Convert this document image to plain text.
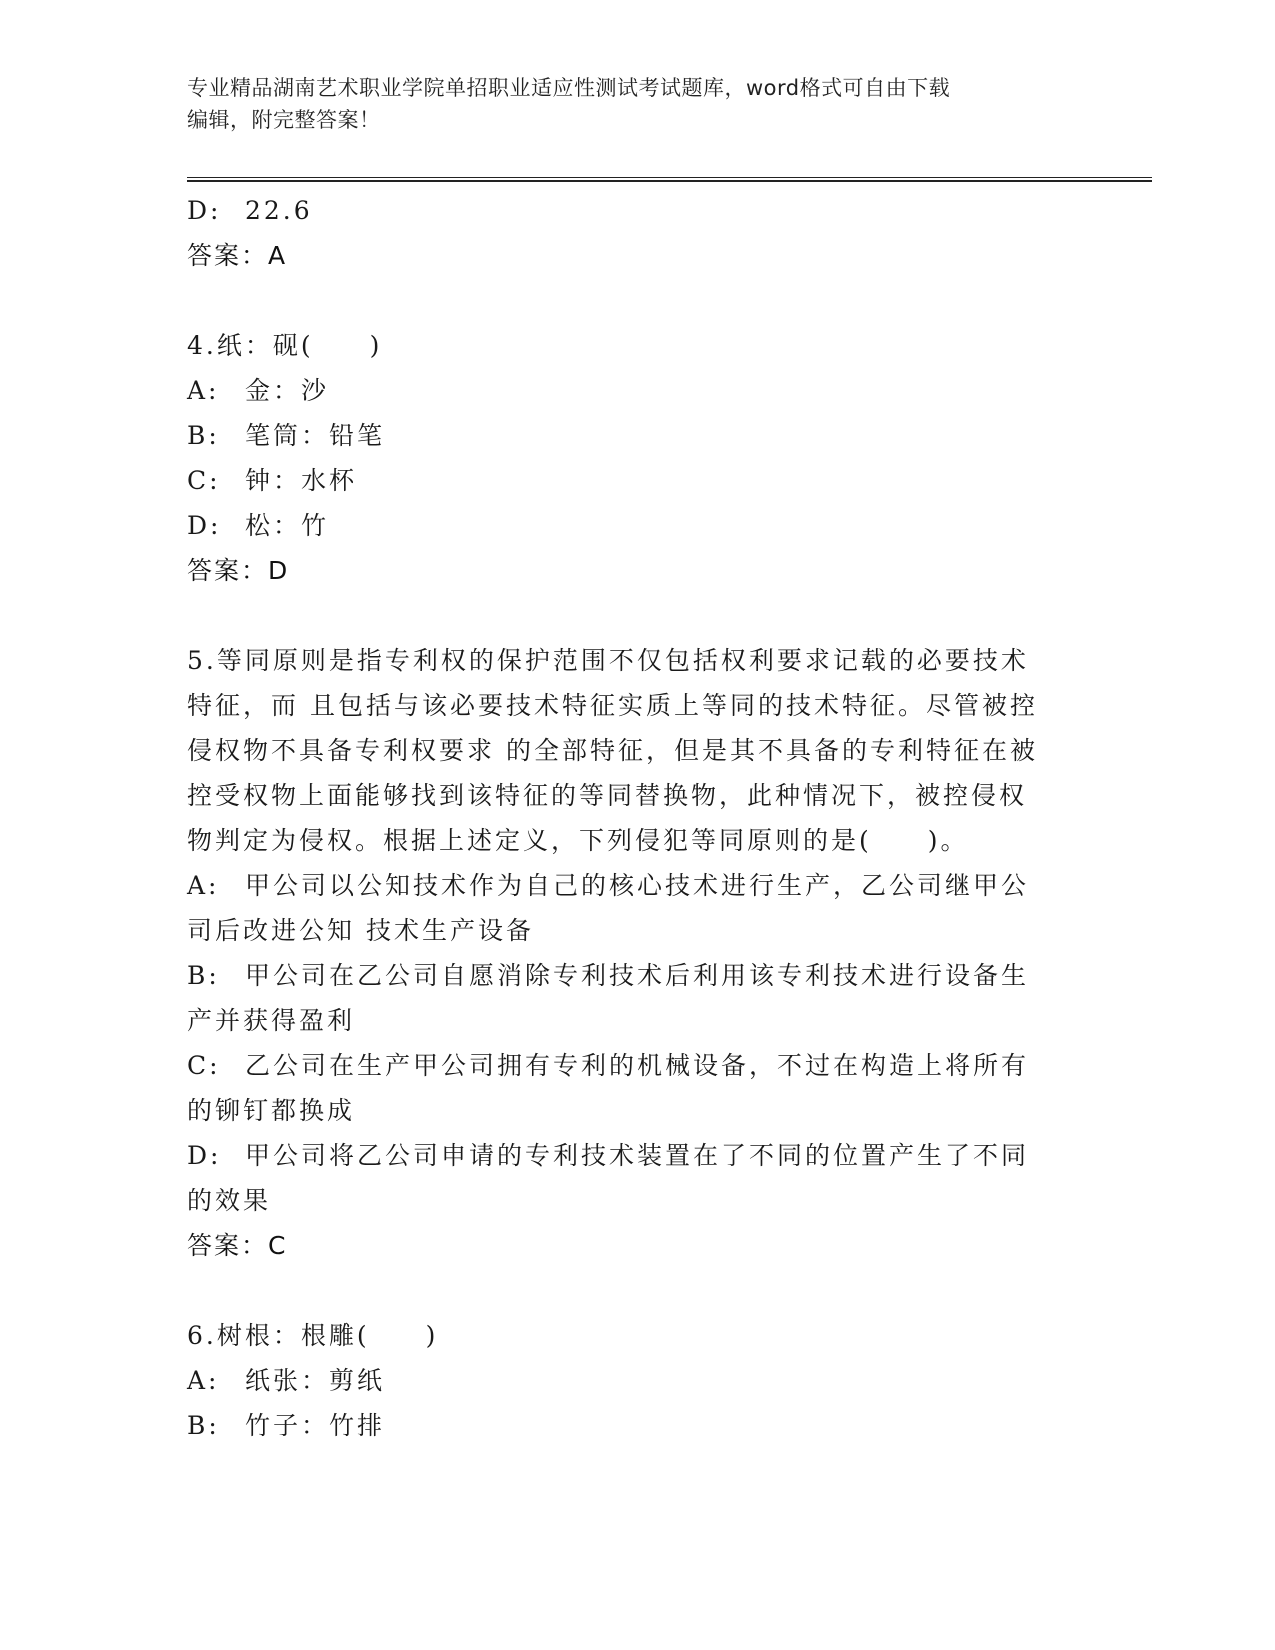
专业精品湖南艺术职业学院单招职业适应性测试考试题库，word格式可自由下载
编辑，附完整答案！
D: 22.6
答案：A
4.纸：砚(　　)
A: 金：沙
B: 笔筒：铅笔
C: 钟：水杯
D: 松：竹
答案：D
5.等同原则是指专利权的保护范围不仅包括权利要求记载的必要技术
特征，而 且包括与该必要技术特征实质上等同的技术特征。尽管被控
侵权物不具备专利权要求 的全部特征，但是其不具备的专利特征在被
控受权物上面能够找到该特征的等同替换物，此种情况下，被控侵权
物判定为侵权。根据上述定义，下列侵犯等同原则的是(　　)。
A: 甲公司以公知技术作为自己的核心技术进行生产，乙公司继甲公
司后改进公知 技术生产设备
B: 甲公司在乙公司自愿消除专利技术后利用该专利技术进行设备生
产并获得盈利
C: 乙公司在生产甲公司拥有专利的机械设备，不过在构造上将所有
的铆钉都换成
D: 甲公司将乙公司申请的专利技术装置在了不同的位置产生了不同
的效果
答案：C
6.树根：根雕(　　)
A: 纸张：剪纸
B: 竹子：竹排
